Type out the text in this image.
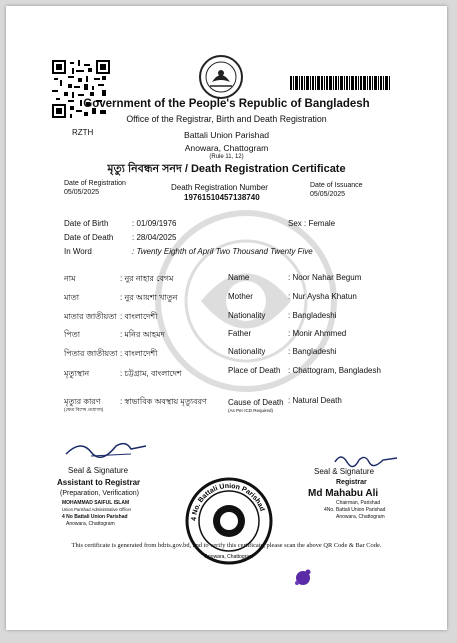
RZTH
Government of the People's Republic of Bangladesh
Office of the Registrar, Birth and Death Registration
Battali Union Parishad
Anowara, Chattogram
(Rule 11, 12)
মৃত্যু নিবন্ধন সনদ / Death Registration Certificate
Date of Registration
05/05/2025
Death Registration Number
19761510457138740
Date of Issuance
05/05/2025
Date of Birth	: 01/09/1976	Sex : Female
Date of Death : 28/04/2025
In Word	: Twenty Eighth of April Two Thousand Twenty Five
নাম	: নুর নাহার বেগম
মাতা	: নুর আয়শা খাতুন
মাতার জাতীয়তা : বাংলাদেশী
পিতা	: মনির আহমদ
পিতার জাতীয়তা : বাংলাদেশী
মৃত্যুস্থান	: চট্টগ্রাম, বাংলাদেশ
মৃত্যুর কারণ : স্বাভাবিক অবস্থায় মৃত্যুবরণ
(ক্ষেত্র বিশেষ প্রযোজ্য)
Name	: Noor Nahar Begum
Mother	: Nur Aysha Khatun
Nationality	: Bangladeshi
Father	: Monir Ahmmed
Nationality	: Bangladeshi
Place of Death : Chattogram, Bangladesh
Cause of Death : Natural Death
(As Per ICD Required)
Seal & Signature
Assistant to Registrar
(Preparation, Verification)
MOHAMMAD SAIFUL ISLAM
Union Parishad Administrative Officer
4 No Battali Union Parishad
Anowara, Chattogram
4 No. Battali Union Parishad
Anowara, Chattogram
Seal & Signature
Registrar
Md Mahabu Ali
Chairman, Parishad
4No. Battali Union Parishad
Anowara, Chattogram
This certificate is generated from bdris.gov.bd, and to verify this certificate, please scan the above QR Code & Bar Code.
